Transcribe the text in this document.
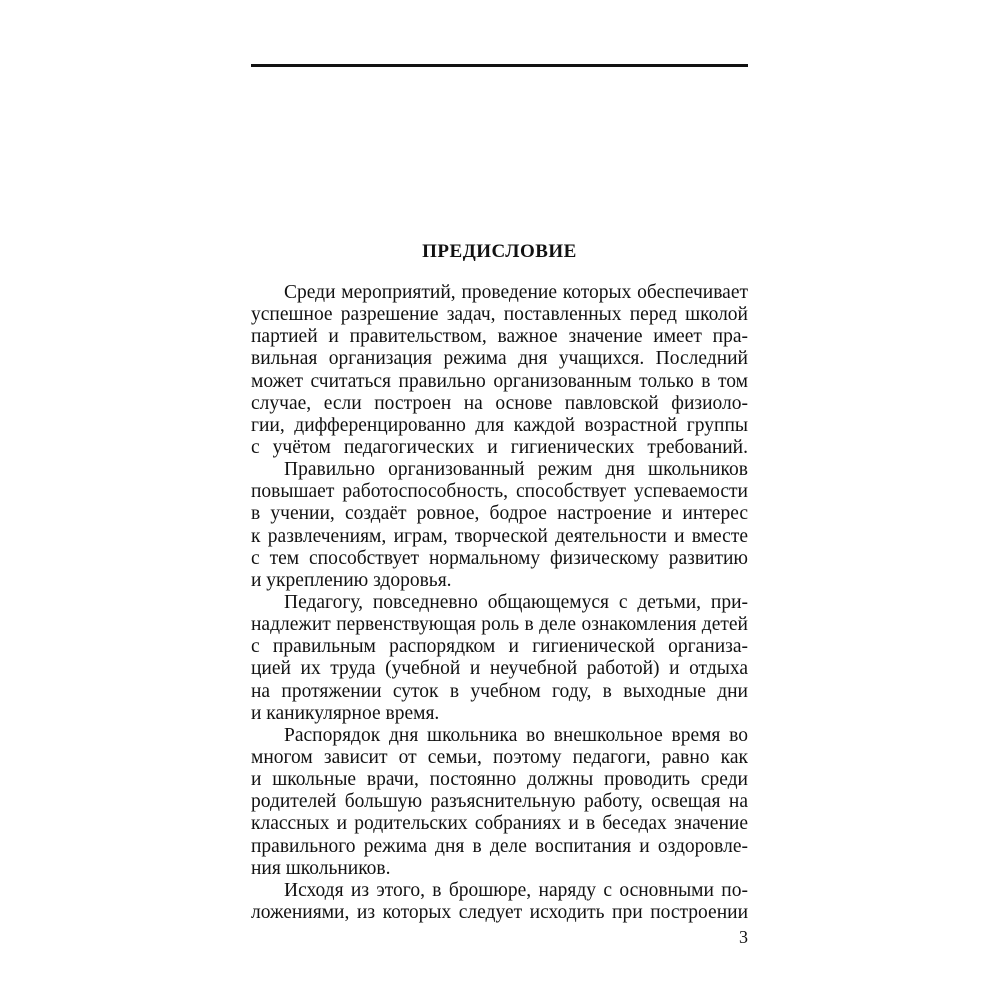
ПРЕДИСЛОВИЕ
Среди мероприятий, проведение которых обеспечивает
успешное разрешение задач, поставленных перед школой
партией и правительством, важное значение имеет пра-
вильная организация режима дня учащихся. Последний
может считаться правильно организованным только в том
случае, если построен на основе павловской физиоло-
гии, дифференцированно для каждой возрастной группы
с учётом педагогических и гигиенических требований.
Правильно организованный режим дня школьников
повышает работоспособность, способствует успеваемости
в учении, создаёт ровное, бодрое настроение и интерес
к развлечениям, играм, творческой деятельности и вместе
с тем способствует нормальному физическому развитию
и укреплению здоровья.
Педагогу, повседневно общающемуся с детьми, при-
надлежит первенствующая роль в деле ознакомления детей
с правильным распорядком и гигиенической организа-
цией их труда (учебной и неучебной работой) и отдыха
на протяжении суток в учебном году, в выходные дни
и каникулярное время.
Распорядок дня школьника во внешкольное время во
многом зависит от семьи, поэтому педагоги, равно как
и школьные врачи, постоянно должны проводить среди
родителей большую разъяснительную работу, освещая на
классных и родительских собраниях и в беседах значение
правильного режима дня в деле воспитания и оздоровле-
ния школьников.
Исходя из этого, в брошюре, наряду с основными по-
ложениями, из которых следует исходить при построении
3
